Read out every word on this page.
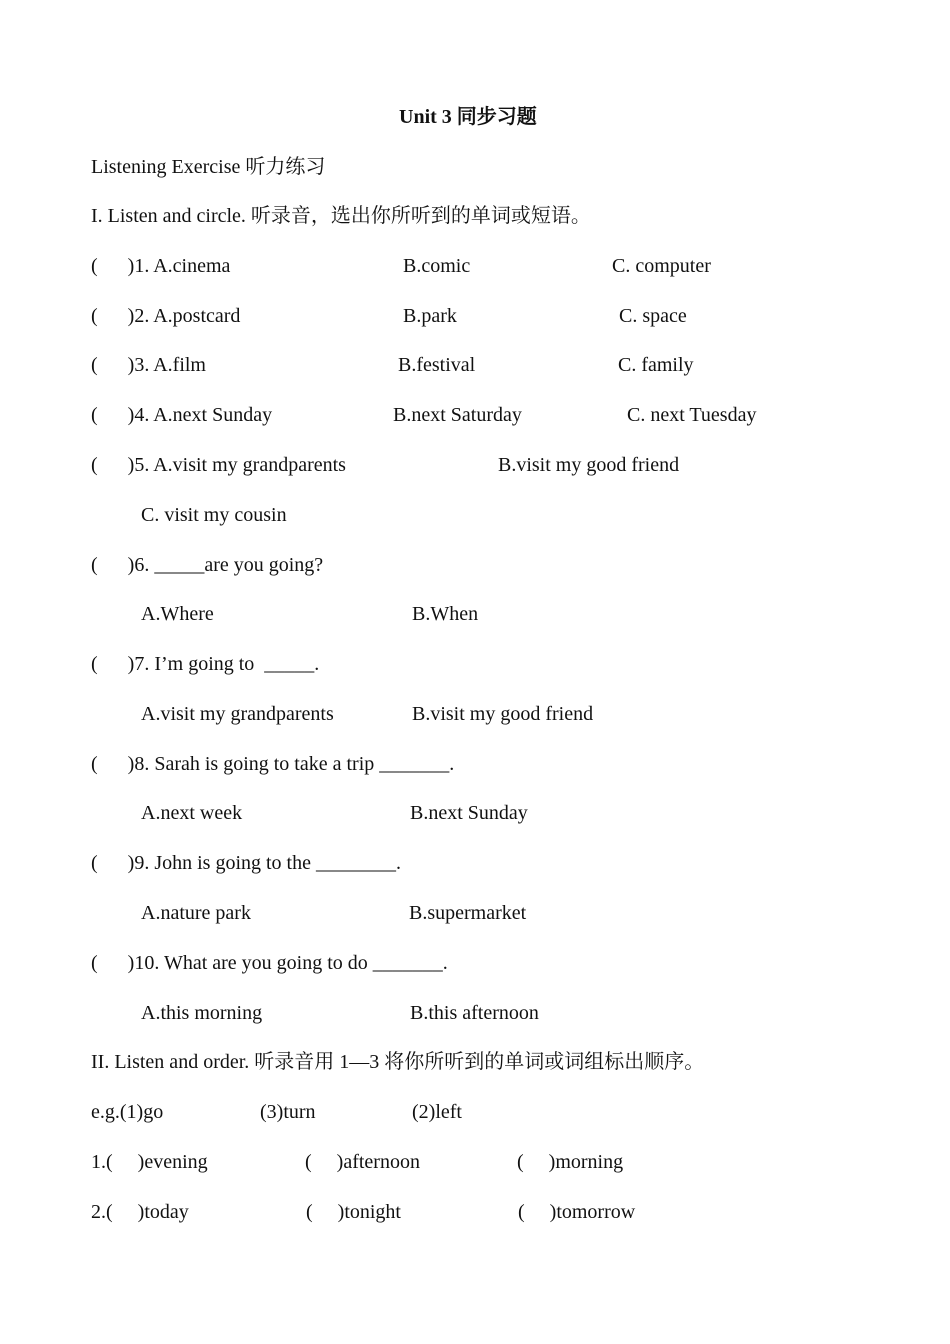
Unit 3 同步习题
Listening Exercise 听力练习
I. Listen and circle. 听录音，选出你所听到的单词或短语。
(      )1. A.cinema	B.comic	C. computer
(      )2. A.postcard	B.park	C. space
(      )3. A.film	B.festival	C. family
(      )4. A.next Sunday	B.next Saturday	C. next Tuesday
(      )5. A.visit my grandparents	B.visit my good friend
C. visit my cousin
(      )6. _____are you going?
A.Where	B.When
(      )7. I’m going to  _____.
A.visit my grandparents	B.visit my good friend
(      )8. Sarah is going to take a trip _______.
A.next week	B.next Sunday
(      )9. John is going to the ________.
A.nature park	B.supermarket
(      )10. What are you going to do _______.
A.this morning	B.this afternoon
II. Listen and order. 听录音用 1—3 将你所听到的单词或词组标出顺序。
e.g.(1)go	(3)turn	(2)left
1.(     )evening	(     )afternoon	(     )morning
2.(     )today	(     )tonight	(     )tomorrow
